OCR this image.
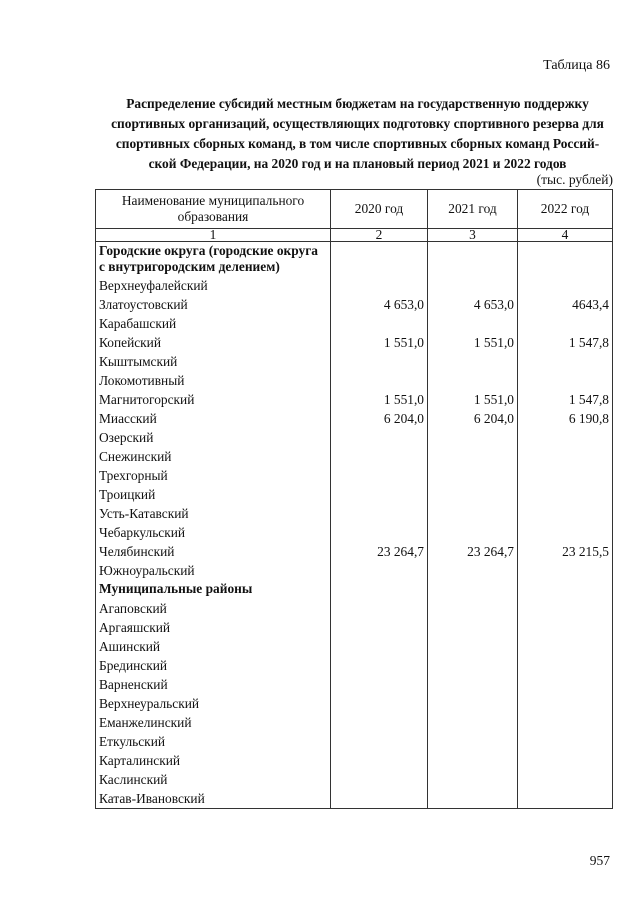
Таблица 86
Распределение субсидий местным бюджетам на государственную поддержку
спортивных организаций, осуществляющих подготовку спортивного резерва для
спортивных сборных команд, в том числе спортивных сборных команд Россий-
ской Федерации, на 2020 год и на плановый период 2021 и 2022 годов
(тыс. рублей)
Наименование муниципального образования	2020 год	2021 год	2022 год
1	2	3	4
Городские округа (городские округа с внутригородским делением)			
Верхнеуфалейский			
Златоустовский	4 653,0	4 653,0	4643,4
Карабашский			
Копейский	1 551,0	1 551,0	1 547,8
Кыштымский			
Локомотивный			
Магнитогорский	1 551,0	1 551,0	1 547,8
Миасский	6 204,0	6 204,0	6 190,8
Озерский			
Снежинский			
Трехгорный			
Троицкий			
Усть-Катавский			
Чебаркульский			
Челябинский	23 264,7	23 264,7	23 215,5
Южноуральский			
Муниципальные районы			
Агаповский			
Аргаяшский			
Ашинский			
Брединский			
Варненский			
Верхнеуральский			
Еманжелинский			
Еткульский			
Карталинский			
Каслинский			
Катав-Ивановский			
957
